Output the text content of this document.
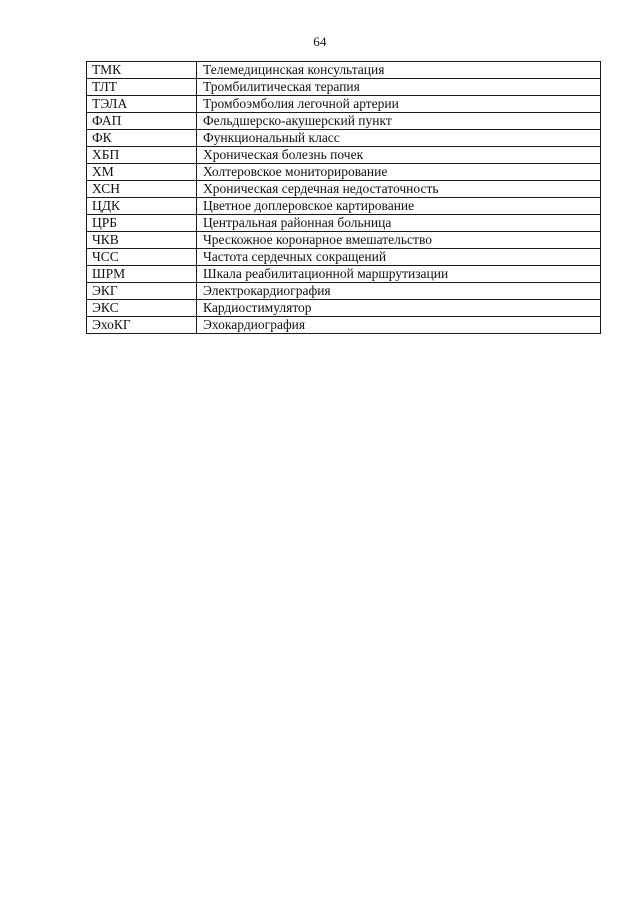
64
ТМК	Телемедицинская консультация
ТЛТ	Тромбилитическая терапия
ТЭЛА	Тромбоэмболия легочной артерии
ФАП	Фельдшерско-акушерский пункт
ФК	Функциональный класс
ХБП	Хроническая болезнь почек
ХМ	Холтеровское мониторирование
ХСН	Хроническая сердечная недостаточность
ЦДК	Цветное доплеровское картирование
ЦРБ	Центральная районная больница
ЧКВ	Чрескожное коронарное вмешательство
ЧСС	Частота сердечных сокращений
ШРМ	Шкала реабилитационной маршрутизации
ЭКГ	Электрокардиография
ЭКС	Кардиостимулятор
ЭхоКГ	Эхокардиография
